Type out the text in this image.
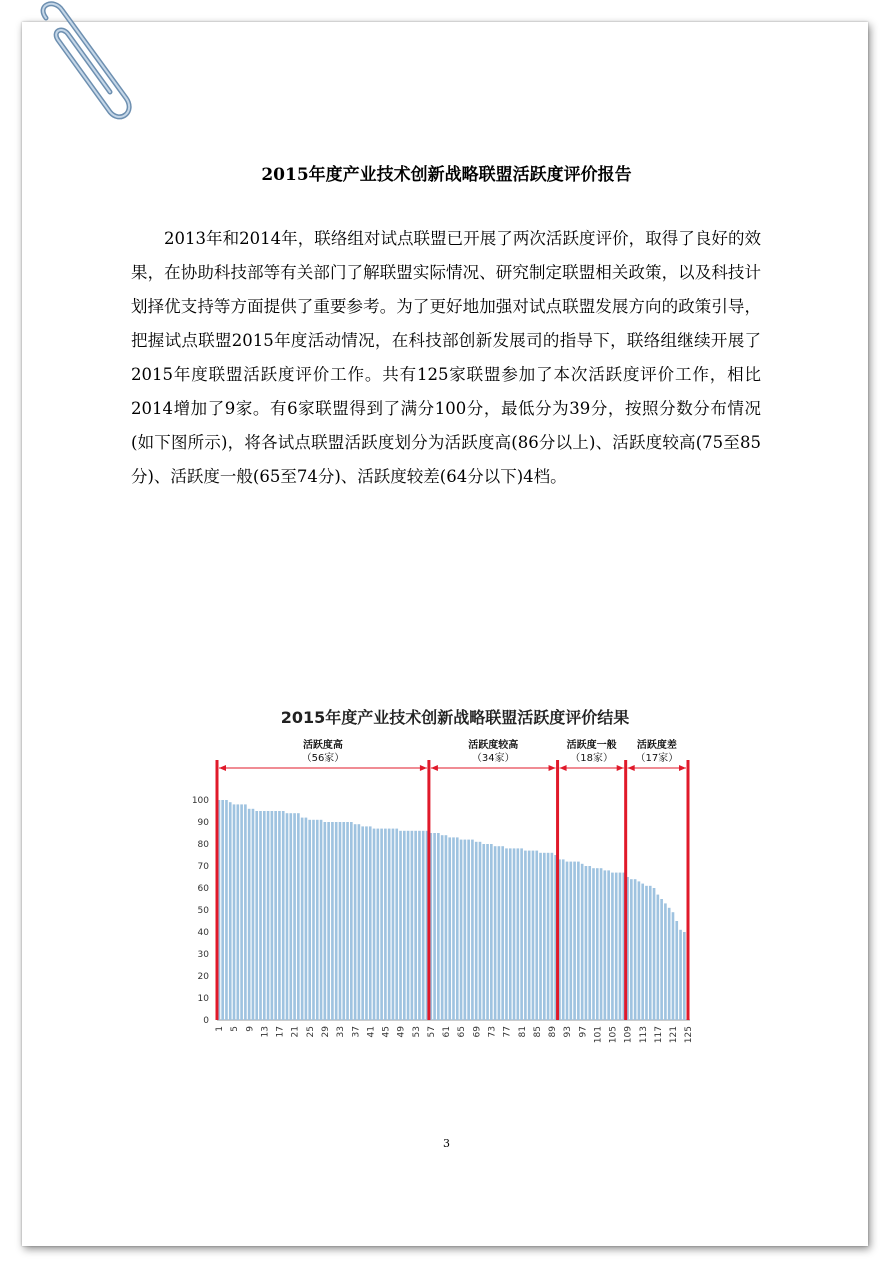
2015年度产业技术创新战略联盟活跃度评价报告

2013年和2014年，联络组对试点联盟已开展了两次活跃度评价，取得了良好的效果，在协助科技部等有关部门了解联盟实际情况、研究制定联盟相关政策，以及科技计划择优支持等方面提供了重要参考。为了更好地加强对试点联盟发展方向的政策引导，把握试点联盟2015年度活动情况，在科技部创新发展司的指导下，联络组继续开展了2015年度联盟活跃度评价工作。共有125家联盟参加了本次活跃度评价工作，相比2014增加了9家。有6家联盟得到了满分100分，最低分为39分，按照分数分布情况(如下图所示)，将各试点联盟活跃度划分为活跃度高(86分以上)、活跃度较高(75至85分)、活跃度一般(65至74分)、活跃度较差(64分以下)4档。

2015年度产业技术创新战略联盟活跃度评价结果
0
10
20
30
40
50
60
70
80
90
100
1 5 9 13 17 21 25 29 33 37 41 45 49 53 57 61 65 69 73 77 81 85 89 93 97 101 105 109 113 117 121 125
活跃度高
（56家）
活跃度较高
（34家）
活跃度一般
（18家）
活跃度差
（17家）
3
